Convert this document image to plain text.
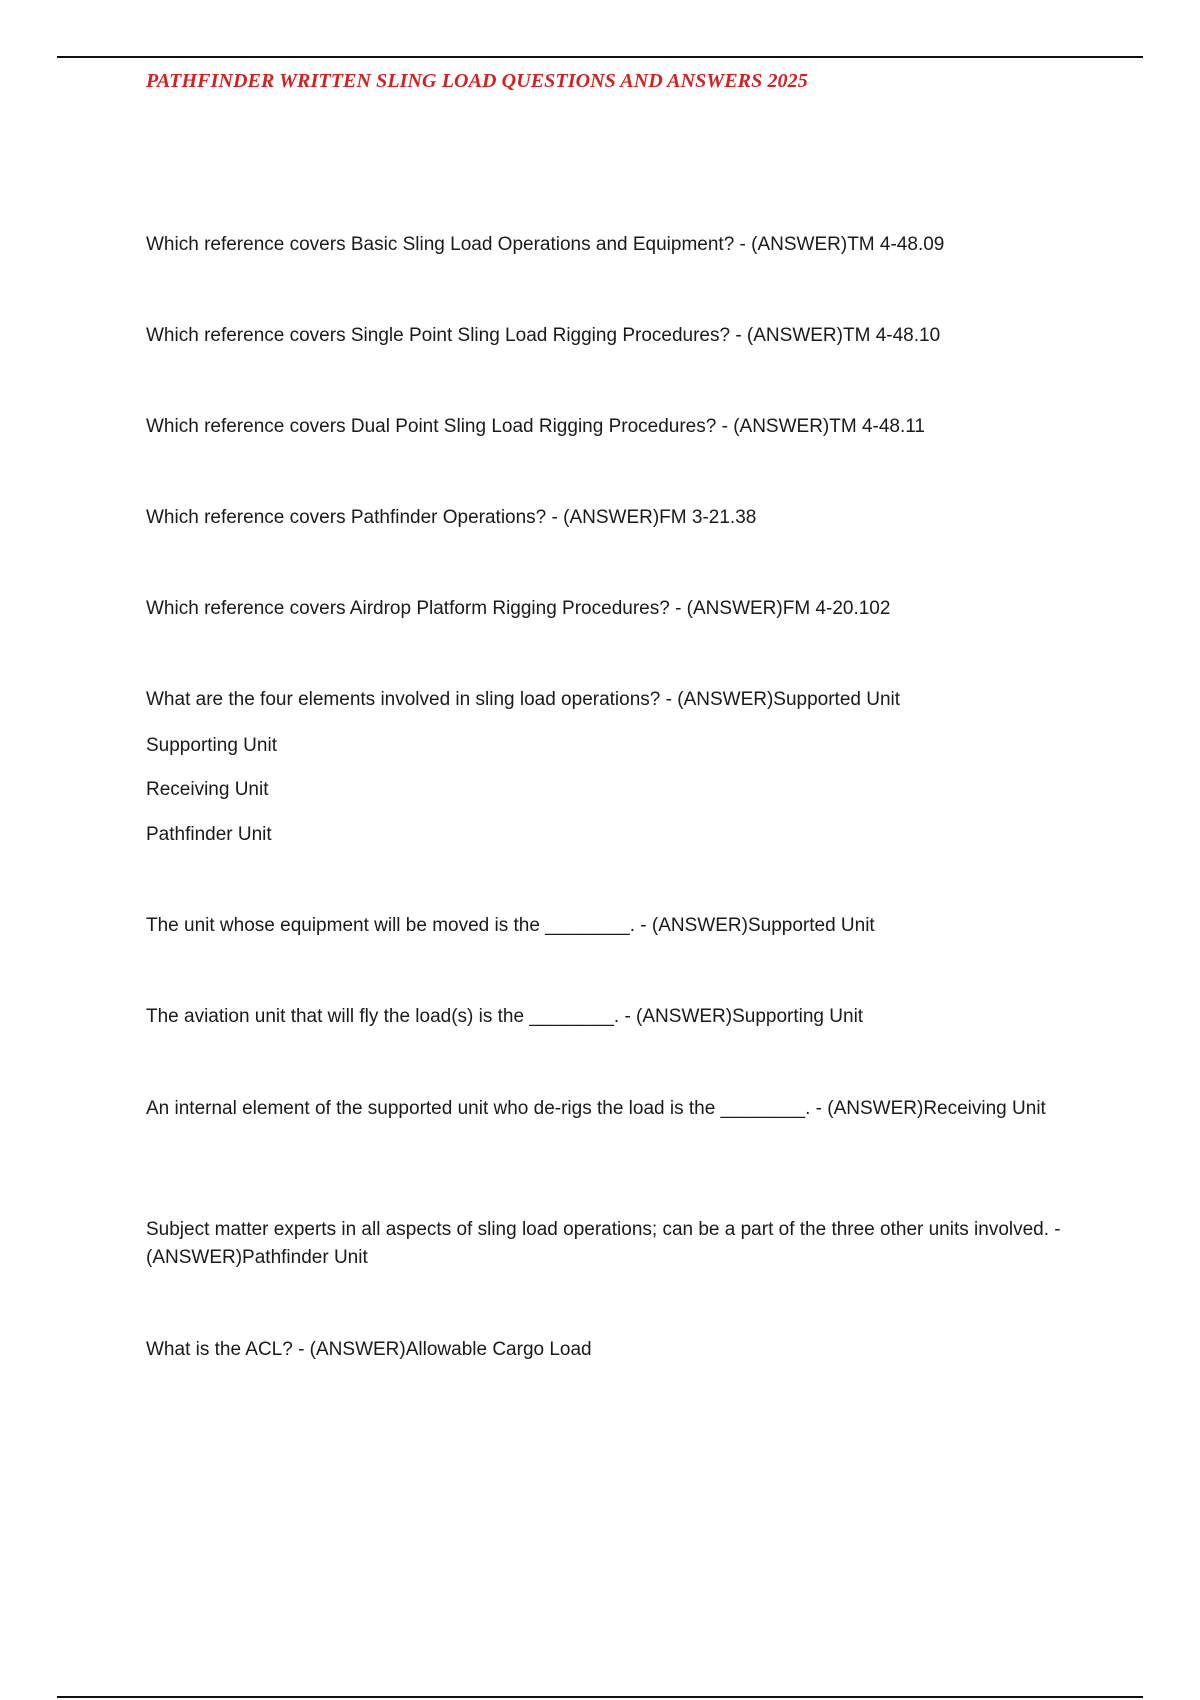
PATHFINDER WRITTEN SLING LOAD QUESTIONS AND ANSWERS 2025

Which reference covers Basic Sling Load Operations and Equipment? - (ANSWER)TM 4-48.09

Which reference covers Single Point Sling Load Rigging Procedures? - (ANSWER)TM 4-48.10

Which reference covers Dual Point Sling Load Rigging Procedures? - (ANSWER)TM 4-48.11

Which reference covers Pathfinder Operations? - (ANSWER)FM 3-21.38

Which reference covers Airdrop Platform Rigging Procedures? - (ANSWER)FM 4-20.102

What are the four elements involved in sling load operations? - (ANSWER)Supported Unit

Supporting Unit

Receiving Unit

Pathfinder Unit

The unit whose equipment will be moved is the ________. - (ANSWER)Supported Unit

The aviation unit that will fly the load(s) is the ________. - (ANSWER)Supporting Unit

An internal element of the supported unit who de-rigs the load is the ________. - (ANSWER)Receiving Unit

Subject matter experts in all aspects of sling load operations; can be a part of the three other units involved. - (ANSWER)Pathfinder Unit

What is the ACL? - (ANSWER)Allowable Cargo Load
